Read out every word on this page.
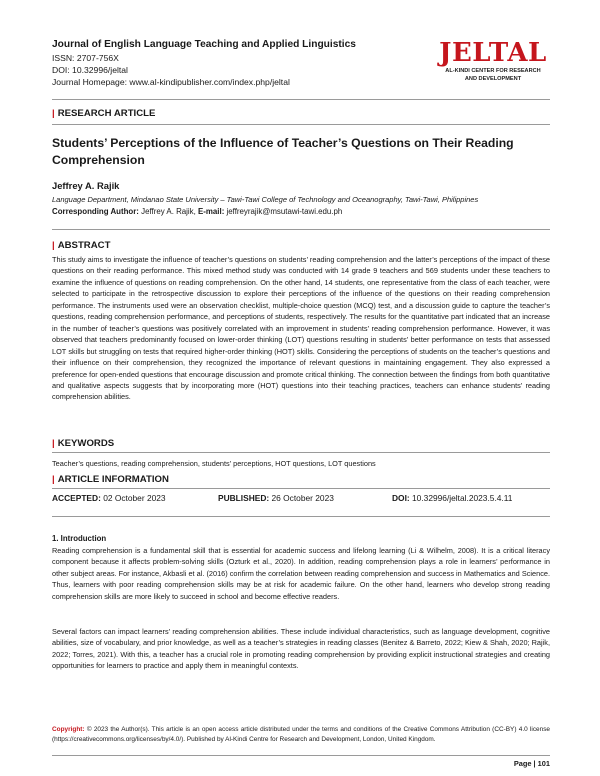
Journal of English Language Teaching and Applied Linguistics
ISSN: 2707-756X
DOI: 10.32996/jeltal
Journal Homepage: www.al-kindipublisher.com/index.php/jeltal
JELTAL
AL-KINDI CENTER FOR RESEARCH
AND DEVELOPMENT
| RESEARCH ARTICLE
Students’ Perceptions of the Influence of Teacher’s Questions on Their Reading Comprehension
Jeffrey A. Rajik
Language Department, Mindanao State University – Tawi-Tawi College of Technology and Oceanography, Tawi-Tawi, Philippines
Corresponding Author: Jeffrey A. Rajik, E-mail: jeffreyrajik@msutawi-tawi.edu.ph
| ABSTRACT
This study aims to investigate the influence of teacher’s questions on students’ reading comprehension and the latter’s perceptions of the impact of these questions on their reading performance. This mixed method study was conducted with 14 grade 9 teachers and 569 students under these teachers to examine the influence of questions on reading comprehension. On the other hand, 14 students, one representative from the class of each teacher, were selected to participate in the retrospective discussion to explore their perceptions of the influence of the questions on their reading comprehension performance. The instruments used were an observation checklist, multiple-choice question (MCQ) test, and a discussion guide to capture the teacher’s questions, reading comprehension performance, and perceptions of students, respectively. The results for the quantitative part indicated that an increase in the number of teacher’s questions was positively correlated with an improvement in students’ reading comprehension performance. However, it was observed that teachers predominantly focused on lower-order thinking (LOT) questions resulting in students’ better performance on tests that assessed LOT skills but struggling on tests that required higher-order thinking (HOT) skills. Considering the perceptions of students on the teacher’s questions and their influence on their comprehension, they recognized the importance of relevant questions in maintaining engagement. They also expressed a preference for open-ended questions that encourage discussion and promote critical thinking. The connection between the findings from both quantitative and qualitative aspects suggests that by incorporating more (HOT) questions into their teaching practices, teachers can enhance students’ reading comprehension abilities.
| KEYWORDS
Teacher’s questions, reading comprehension, students’ perceptions, HOT questions, LOT questions
| ARTICLE INFORMATION
ACCEPTED: 02 October 2023	PUBLISHED: 26 October 2023	DOI: 10.32996/jeltal.2023.5.4.11
1. Introduction
Reading comprehension is a fundamental skill that is essential for academic success and lifelong learning (Li & Wilhelm, 2008). It is a critical literacy component because it affects problem-solving skills (Ozturk et al., 2020). In addition, reading comprehension plays a role in learners’ performance in other subject areas. For instance, Akbasli et al. (2016) confirm the correlation between reading comprehension and success in Mathematics and Science. Thus, learners with poor reading comprehension skills may be at risk for academic failure. On the other hand, learners who develop strong reading comprehension skills are more likely to succeed in school and become effective readers.
Several factors can impact learners’ reading comprehension abilities. These include individual characteristics, such as language development, cognitive abilities, size of vocabulary, and prior knowledge, as well as a teacher’s strategies in reading classes (Benitez & Barreto, 2022; Kiew & Shah, 2020; Rajik, 2022; Torres, 2021). With this, a teacher has a crucial role in promoting reading comprehension by providing explicit instructional strategies and creating opportunities for learners to practice and apply them in meaningful contexts.
Copyright: © 2023 the Author(s). This article is an open access article distributed under the terms and conditions of the Creative Commons Attribution (CC-BY) 4.0 license (https://creativecommons.org/licenses/by/4.0/). Published by Al-Kindi Centre for Research and Development, London, United Kingdom.
Page | 101
